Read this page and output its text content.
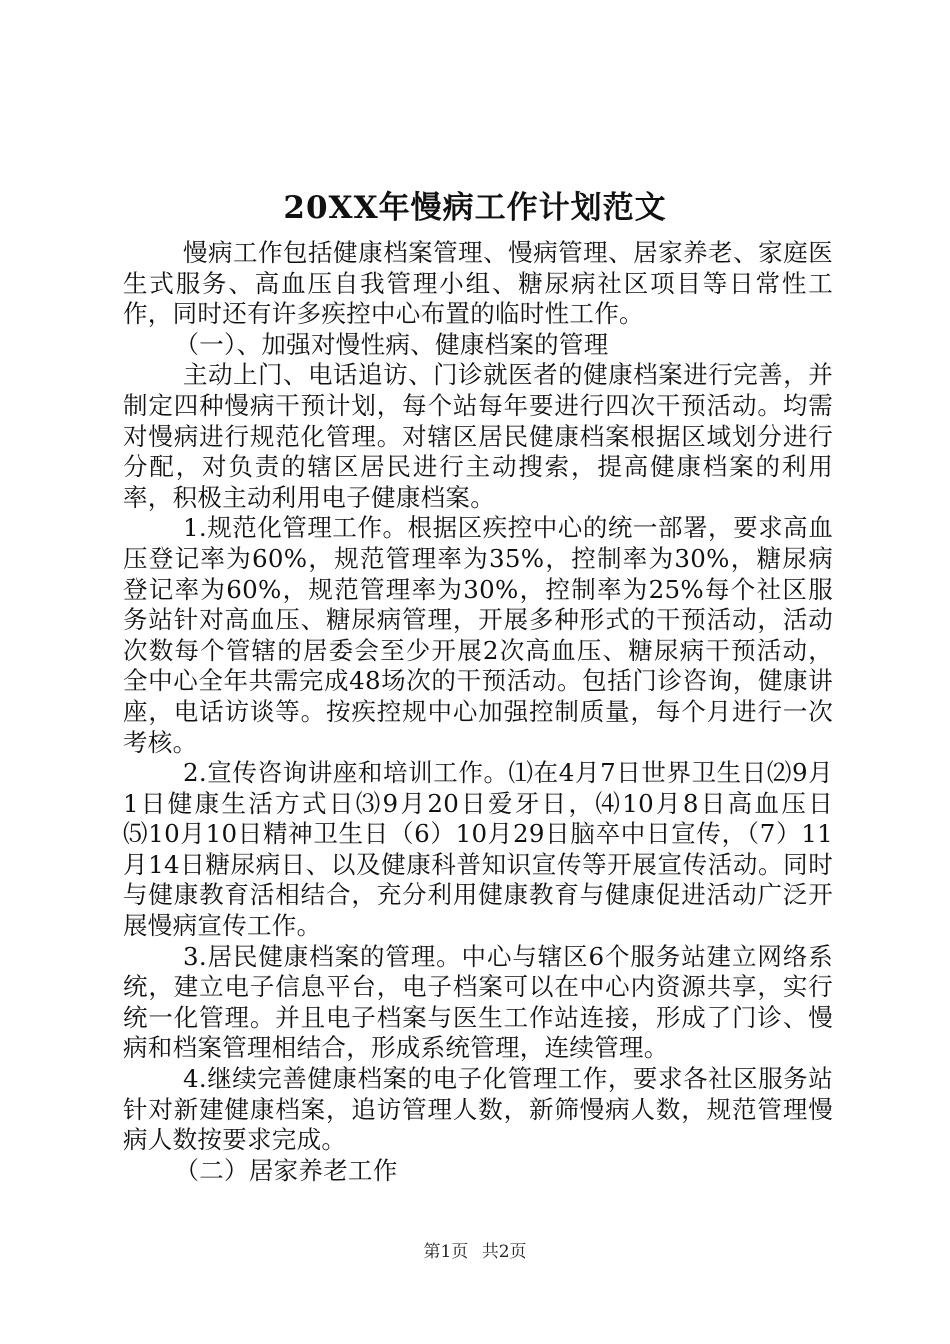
20XX年慢病工作计划范文

慢病工作包括健康档案管理、慢病管理、居家养老、家庭医生式服务、高血压自我管理小组、糖尿病社区项目等日常性工作，同时还有许多疾控中心布置的临时性工作。

（一）、加强对慢性病、健康档案的管理

主动上门、电话追访、门诊就医者的健康档案进行完善，并制定四种慢病干预计划，每个站每年要进行四次干预活动。均需对慢病进行规范化管理。对辖区居民健康档案根据区域划分进行分配，对负责的辖区居民进行主动搜索，提高健康档案的利用率，积极主动利用电子健康档案。

1.规范化管理工作。根据区疾控中心的统一部署，要求高血压登记率为60%，规范管理率为35%，控制率为30%，糖尿病登记率为60%，规范管理率为30%，控制率为25%每个社区服务站针对高血压、糖尿病管理，开展多种形式的干预活动，活动次数每个管辖的居委会至少开展2次高血压、糖尿病干预活动，全中心全年共需完成48场次的干预活动。包括门诊咨询，健康讲座，电话访谈等。按疾控规中心加强控制质量，每个月进行一次考核。

2.宣传咨询讲座和培训工作。⑴在4月7日世界卫生日⑵9月1日健康生活方式日⑶9月20日爱牙日，⑷10月8日高血压日⑸10月10日精神卫生日（6）10月29日脑卒中日宣传，（7）11月14日糖尿病日、以及健康科普知识宣传等开展宣传活动。同时与健康教育活相结合，充分利用健康教育与健康促进活动广泛开展慢病宣传工作。

3.居民健康档案的管理。中心与辖区6个服务站建立网络系统，建立电子信息平台，电子档案可以在中心内资源共享，实行统一化管理。并且电子档案与医生工作站连接，形成了门诊、慢病和档案管理相结合，形成系统管理，连续管理。

4.继续完善健康档案的电子化管理工作，要求各社区服务站针对新建健康档案，追访管理人数，新筛慢病人数，规范管理慢病人数按要求完成。

（二）居家养老工作

第1页 共2页
